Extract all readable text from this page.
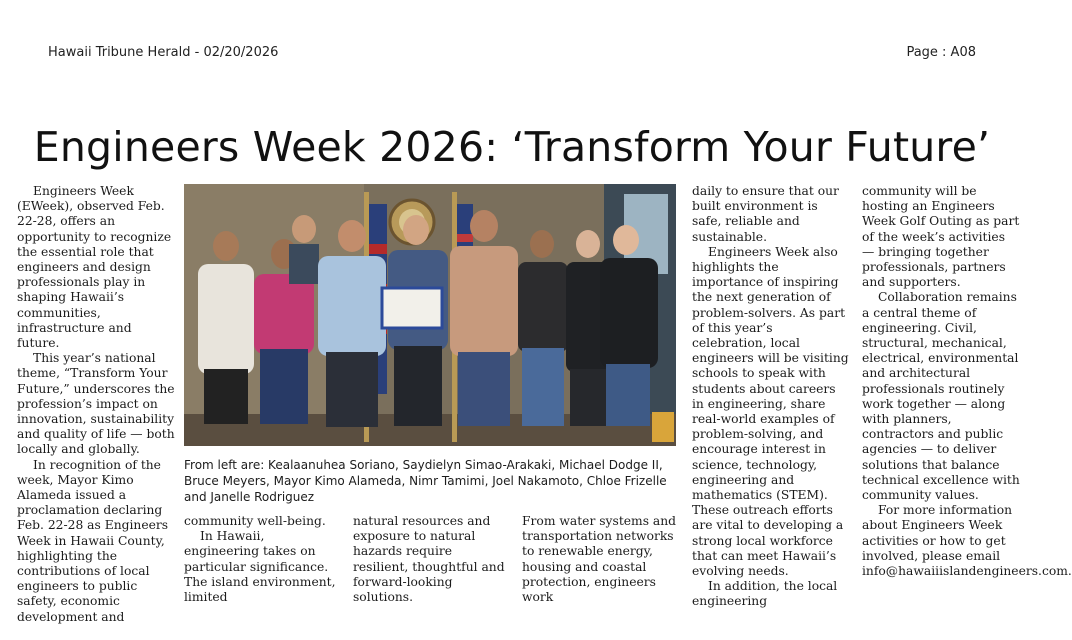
Hawaii Tribune Herald - 02/20/2026	Page : A08
Engineers Week 2026: ‘Transform Your Future’

Engineers Week (EWeek), observed Feb. 22-28, offers an opportunity to recognize the essential role that engineers and design professionals play in shaping Hawaii’s communities, infrastructure and future.

This year’s national theme, “Transform Your Future,” underscores the profession’s impact on innovation, sustainability and quality of life — both locally and globally.

In recognition of the week, Mayor Kimo Alameda issued a proclamation declaring Feb. 22-28 as Engineers Week in Hawaii County, highlighting the contributions of local engineers to public safety, economic development and

From left are: Kealaanuhea Soriano, Saydielyn Simao-Arakaki, Michael Dodge II, Bruce Meyers, Mayor Kimo Alameda, Nimr Tamimi, Joel Nakamoto, Chloe Frizelle and Janelle Rodriguez

community well-being.

In Hawaii, engineering takes on particular significance. The island environment, limited

natural resources and exposure to natural hazards require resilient, thoughtful and forward-looking solutions.

From water systems and transportation networks to renewable energy, housing and coastal protection, engineers work

daily to ensure that our built environment is safe, reliable and sustainable.

Engineers Week also highlights the importance of inspiring the next generation of problem-solvers. As part of this year’s celebration, local engineers will be visiting schools to speak with students about careers in engineering, share real-world examples of problem-solving, and encourage interest in science, technology, engineering and mathematics (STEM). These outreach efforts are vital to developing a strong local workforce that can meet Hawaii’s evolving needs.

In addition, the local engineering

community will be hosting an Engineers Week Golf Outing as part of the week’s activities — bringing together professionals, partners and supporters.

Collaboration remains a central theme of engineering. Civil, structural, mechanical, electrical, environmental and architectural professionals routinely work together — along with planners, contractors and public agencies — to deliver solutions that balance technical excellence with community values.

For more information about Engineers Week activities or how to get involved, please email info@hawaiiislandengineers.com.
